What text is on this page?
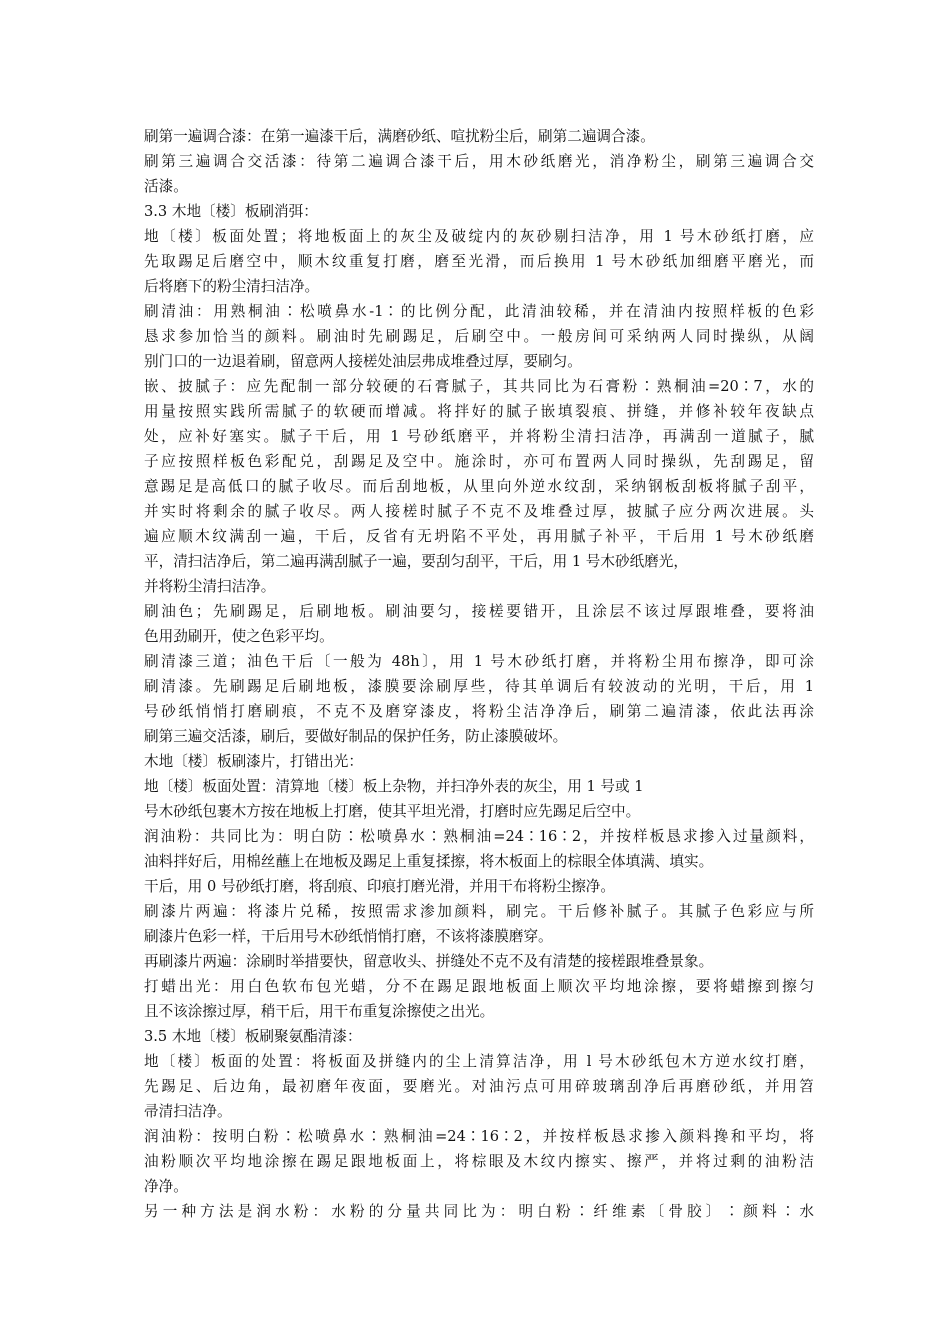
刷第一遍调合漆：在第一遍漆干后，满磨砂纸、喧扰粉尘后，刷第二遍调合漆。
刷第三遍调合交活漆：待第二遍调合漆干后，用木砂纸磨光，消净粉尘，刷第三遍调合交
活漆。
3.3 木地〔楼〕板刷消弭：
地〔楼〕板面处置；将地板面上的灰尘及破绽内的灰砂剔扫洁净，用 1 号木砂纸打磨，应
先取踢足后磨空中，顺木纹重复打磨，磨至光滑，而后换用 1 号木砂纸加细磨平磨光，而
后将磨下的粉尘清扫洁净。
刷清油：用熟桐油∶松喷鼻水-1∶的比例分配，此清油较稀，并在清油内按照样板的色彩
恳求参加恰当的颜料。刷油时先刷踢足，后刷空中。一般房间可采纳两人同时操纵，从阔
别门口的一边退着刷，留意两人接槎处油层弗成堆叠过厚，要刷匀。
嵌、披腻子：应先配制一部分较硬的石膏腻子，其共同比为石膏粉∶熟桐油=20∶7，水的
用量按照实践所需腻子的软硬而增减。将拌好的腻子嵌填裂痕、拼缝，并修补较年夜缺点
处，应补好塞实。腻子干后，用 1 号砂纸磨平，并将粉尘清扫洁净，再满刮一道腻子，腻
子应按照样板色彩配兑，刮踢足及空中。施涂时，亦可布置两人同时操纵，先刮踢足，留
意踢足是高低口的腻子收尽。而后刮地板，从里向外逆水纹刮，采纳钢板刮板将腻子刮平，
并实时将剩余的腻子收尽。两人接槎时腻子不克不及堆叠过厚，披腻子应分两次进展。头
遍应顺木纹满刮一遍，干后，反省有无坍陷不平处，再用腻子补平，干后用 1 号木砂纸磨
平，清扫洁净后，第二遍再满刮腻子一遍，要刮匀刮平，干后，用 1 号木砂纸磨光，
并将粉尘清扫洁净。
刷油色；先刷踢足，后刷地板。刷油要匀，接槎要错开，且涂层不该过厚跟堆叠，要将油
色用劲刷开，使之色彩平均。
刷清漆三道；油色干后〔一般为 48h〕，用 1 号木砂纸打磨，并将粉尘用布擦净，即可涂
刷清漆。先刷踢足后刷地板，漆膜要涂刷厚些，待其单调后有较波动的光明，干后，用 1
号砂纸悄悄打磨刷痕，不克不及磨穿漆皮，将粉尘洁净净后，刷第二遍清漆，依此法再涂
刷第三遍交活漆，刷后，要做好制品的保护任务，防止漆膜破坏。
木地〔楼〕板刷漆片，打错出光：
地〔楼〕板面处置：清算地〔楼〕板上杂物，并扫净外表的灰尘，用 1 号或 1
号木砂纸包裹木方按在地板上打磨，使其平坦光滑，打磨时应先踢足后空中。
润油粉：共同比为：明白防∶松喷鼻水∶熟桐油=24∶16∶2，并按样板恳求掺入过量颜料，
油料拌好后，用棉丝蘸上在地板及踢足上重复揉擦，将木板面上的棕眼全体填满、填实。
干后，用 0 号砂纸打磨，将刮痕、印痕打磨光滑，并用干布将粉尘擦净。
刷漆片两遍：将漆片兑稀，按照需求渗加颜料，刷完。干后修补腻子。其腻子色彩应与所
刷漆片色彩一样，干后用号木砂纸悄悄打磨，不该将漆膜磨穿。
再刷漆片两遍：涂刷时举措要快，留意收头、拼缝处不克不及有清楚的接槎跟堆叠景象。
打蜡出光：用白色软布包光蜡，分不在踢足跟地板面上顺次平均地涂擦，要将蜡擦到擦匀
且不该涂擦过厚，稍干后，用干布重复涂擦使之出光。
3.5 木地〔楼〕板刷聚氨酯清漆：
地〔楼〕板面的处置：将板面及拼缝内的尘上清算洁净，用 l 号木砂纸包木方逆水纹打磨，
先踢足、后边角，最初磨年夜面，要磨光。对油污点可用碎玻璃刮净后再磨砂纸，并用笤
帚清扫洁净。
润油粉：按明白粉∶松喷鼻水∶熟桐油=24∶16∶2，并按样板恳求掺入颜料搀和平均，将
油粉顺次平均地涂擦在踢足跟地板面上，将棕眼及木纹内擦实、擦严，并将过剩的油粉洁
净净。
另一种方法是润水粉：水粉的分量共同比为：明白粉∶纤维素〔骨胶〕∶颜料∶水
